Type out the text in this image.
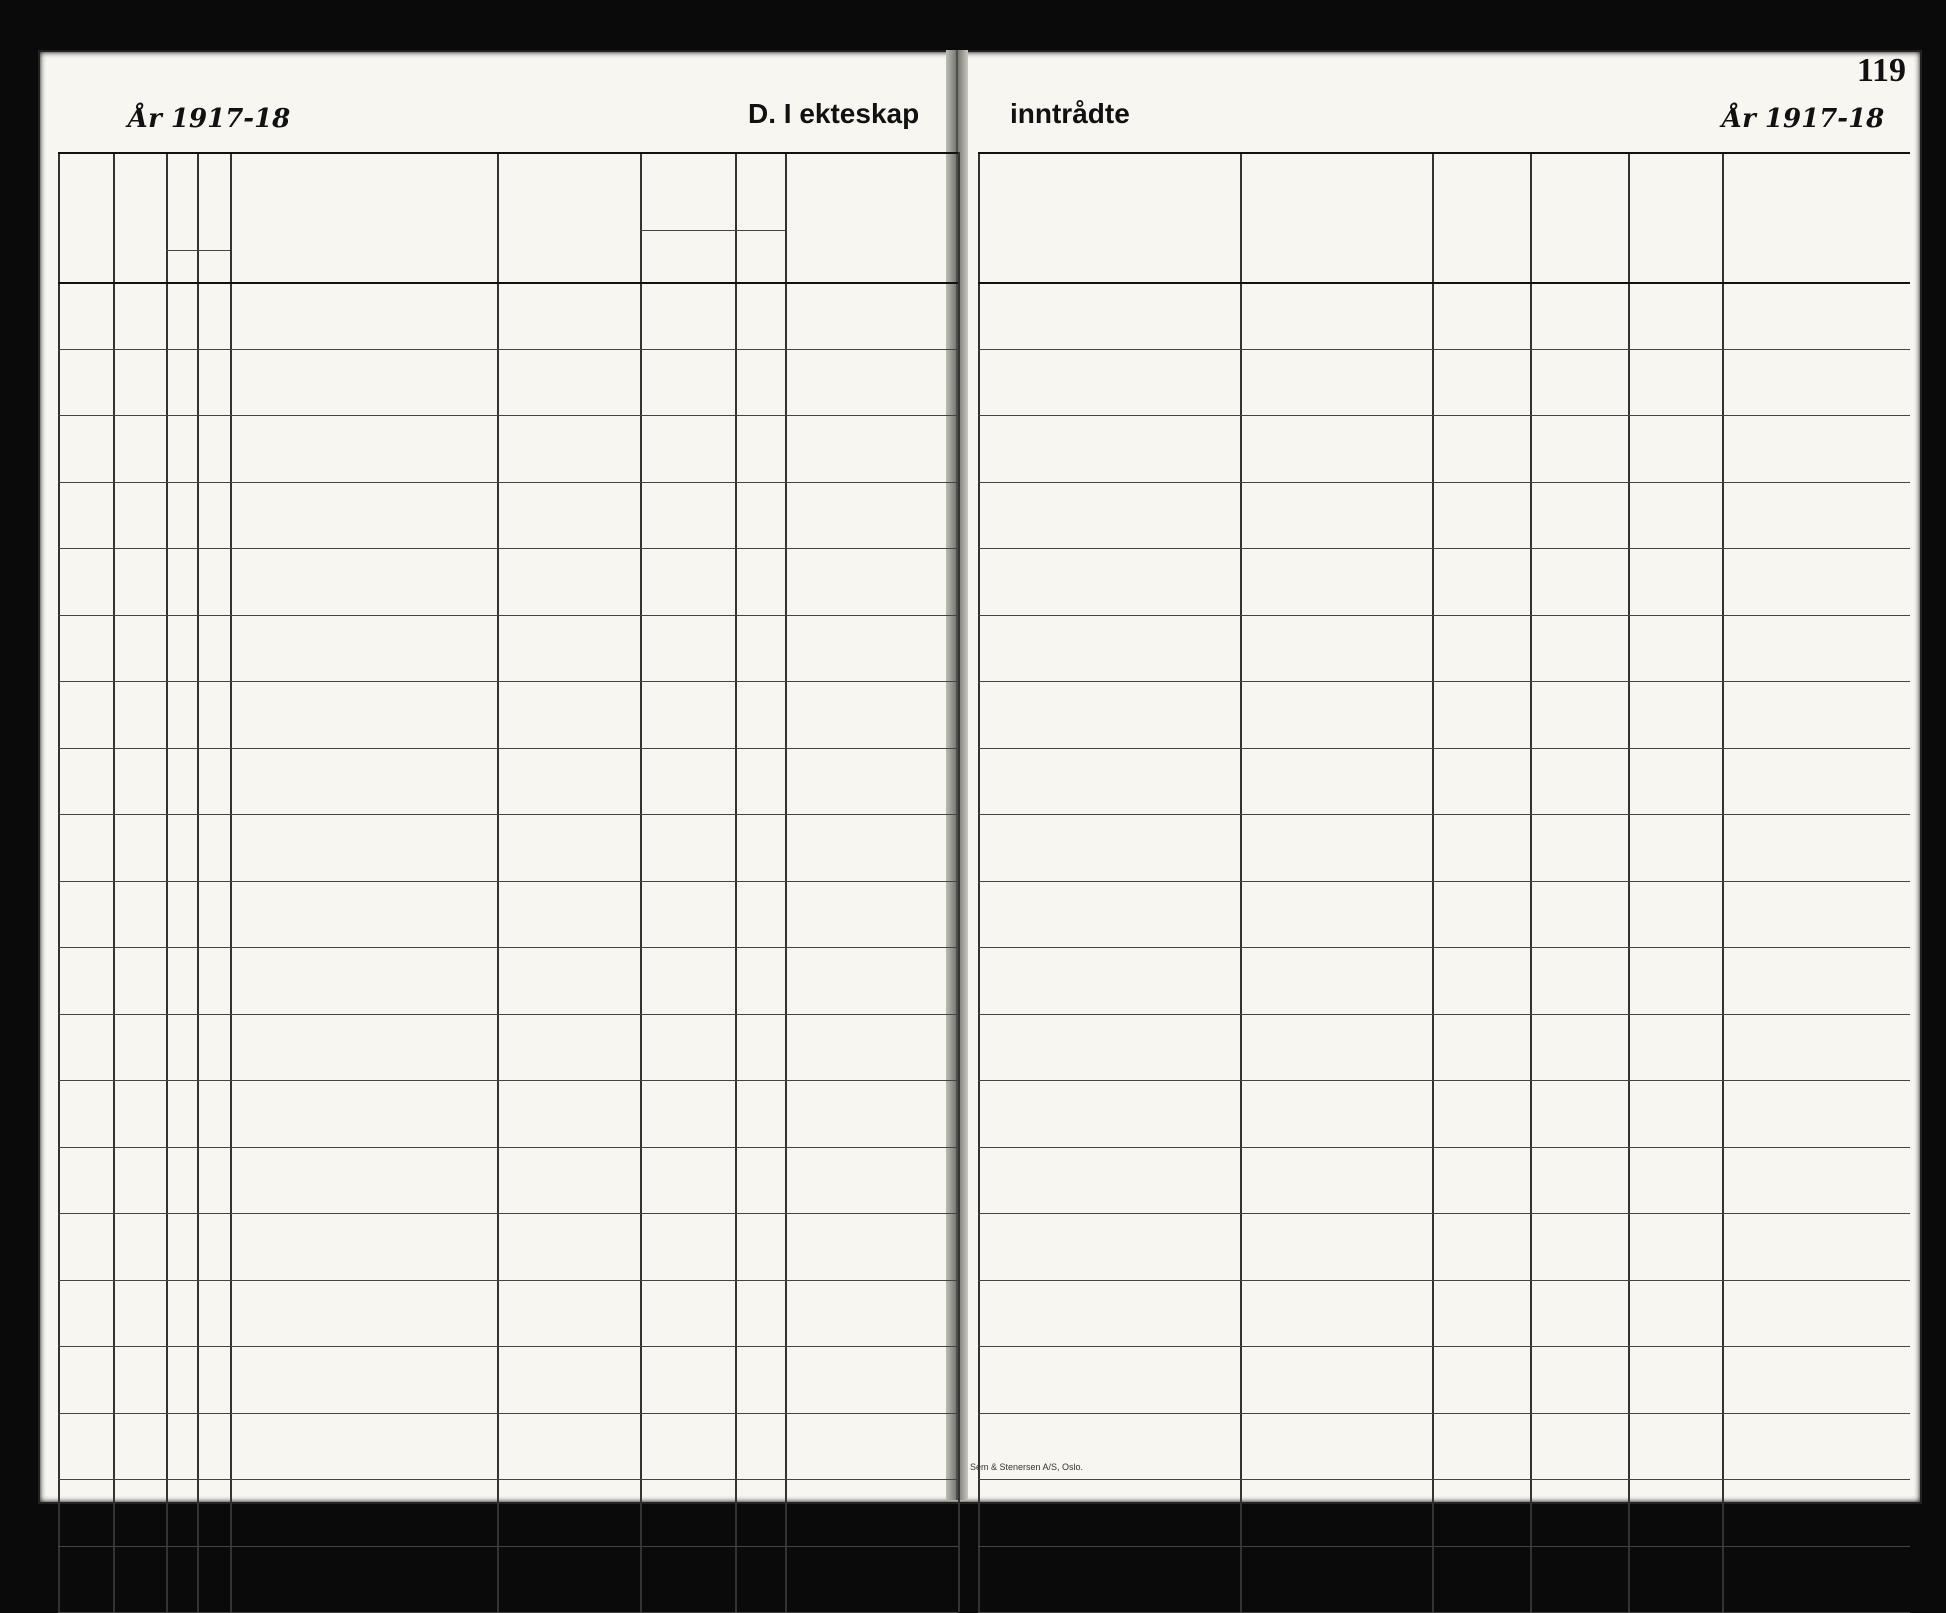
År 1917-18	D. I ekteskap	inntrådte	År 1917-18
119
Sem & Stenersen A/S, Oslo.
